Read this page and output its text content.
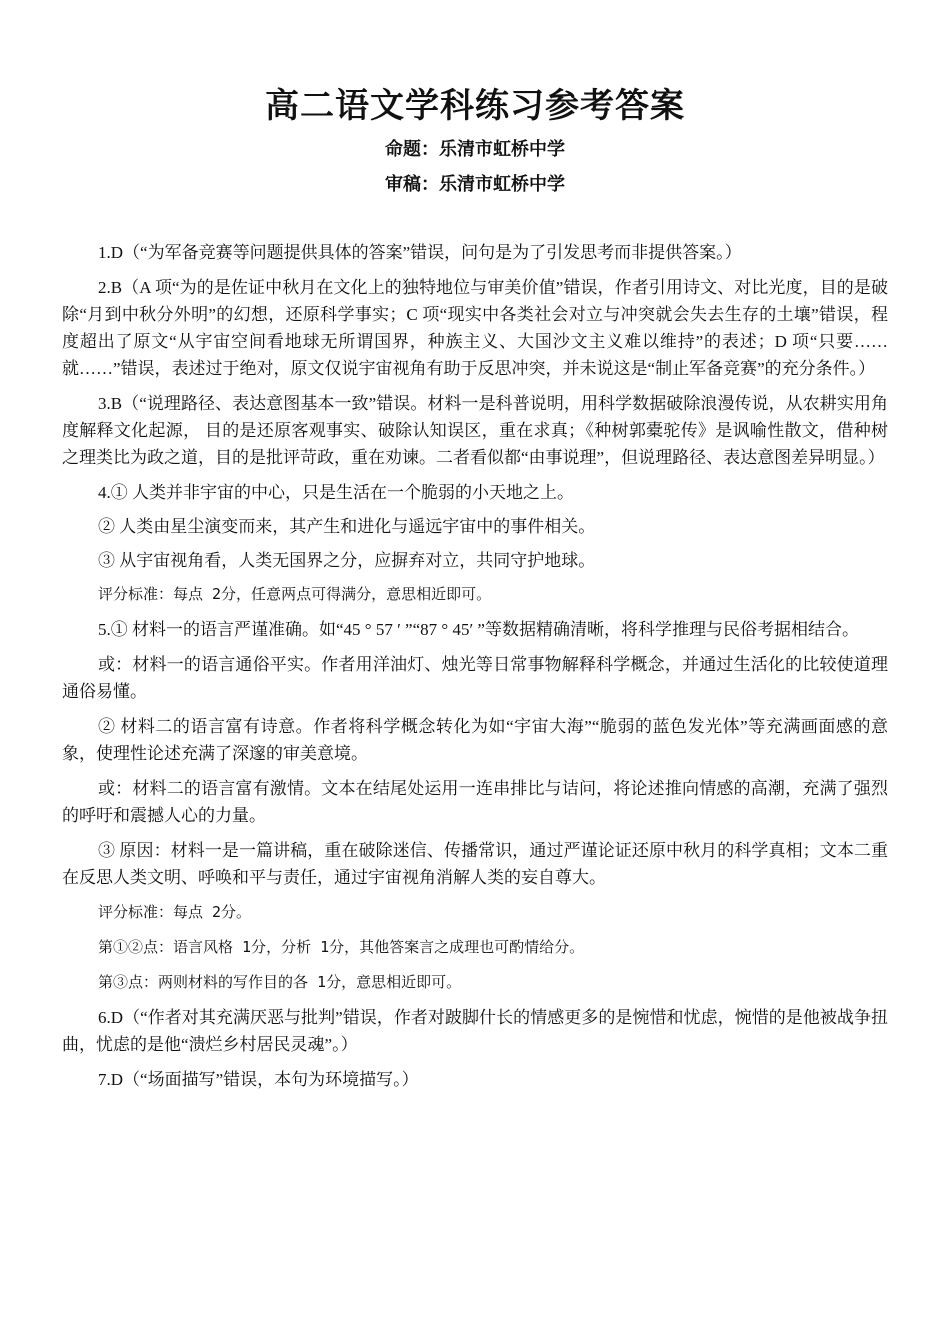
高二语文学科练习参考答案
命题：乐清市虹桥中学
审稿：乐清市虹桥中学

1.D（“为军备竞赛等问题提供具体的答案”错误，问句是为了引发思考而非提供答案。）

2.B（A 项“为的是佐证中秋月在文化上的独特地位与审美价值”错误，作者引用诗文、对比光度，目的是破除“月到中秋分外明”的幻想，还原科学事实；C 项“现实中各类社会对立与冲突就会失去生存的土壤”错误，程度超出了原文“从宇宙空间看地球无所谓国界，种族主义、大国沙文主义难以维持”的表述；D 项“只要……就……”错误，表述过于绝对，原文仅说宇宙视角有助于反思冲突，并未说这是“制止军备竞赛”的充分条件。）

3.B（“说理路径、表达意图基本一致”错误。材料一是科普说明，用科学数据破除浪漫传说，从农耕实用角度解释文化起源， 目的是还原客观事实、破除认知误区，重在求真；《种树郭橐驼传》是讽喻性散文，借种树之理类比为政之道，目的是批评苛政，重在劝谏。二者看似都“由事说理”，但说理路径、表达意图差异明显。）

4.① 人类并非宇宙的中心，只是生活在一个脆弱的小天地之上。

② 人类由星尘演变而来，其产生和进化与遥远宇宙中的事件相关。

③ 从宇宙视角看，人类无国界之分，应摒弃对立，共同守护地球。

评分标准：每点 2分，任意两点可得满分，意思相近即可。

5.① 材料一的语言严谨准确。如“45 ° 57 ′ ”“87 ° 45′ ”等数据精确清晰，将科学推理与民俗考据相结合。

或：材料一的语言通俗平实。作者用洋油灯、烛光等日常事物解释科学概念，并通过生活化的比较使道理通俗易懂。

② 材料二的语言富有诗意。作者将科学概念转化为如“宇宙大海”“脆弱的蓝色发光体”等充满画面感的意象，使理性论述充满了深邃的审美意境。

或：材料二的语言富有激情。文本在结尾处运用一连串排比与诘问，将论述推向情感的高潮，充满了强烈的呼吁和震撼人心的力量。

③ 原因：材料一是一篇讲稿，重在破除迷信、传播常识，通过严谨论证还原中秋月的科学真相；文本二重在反思人类文明、呼唤和平与责任，通过宇宙视角消解人类的妄自尊大。

评分标准：每点 2分。

第①②点：语言风格 1分，分析 1分，其他答案言之成理也可酌情给分。

第③点：两则材料的写作目的各 1分，意思相近即可。

6.D（“作者对其充满厌恶与批判”错误，作者对跛脚什长的情感更多的是惋惜和忧虑，惋惜的是他被战争扭曲，忧虑的是他“溃烂乡村居民灵魂”。）

7.D（“场面描写”错误，本句为环境描写。）
